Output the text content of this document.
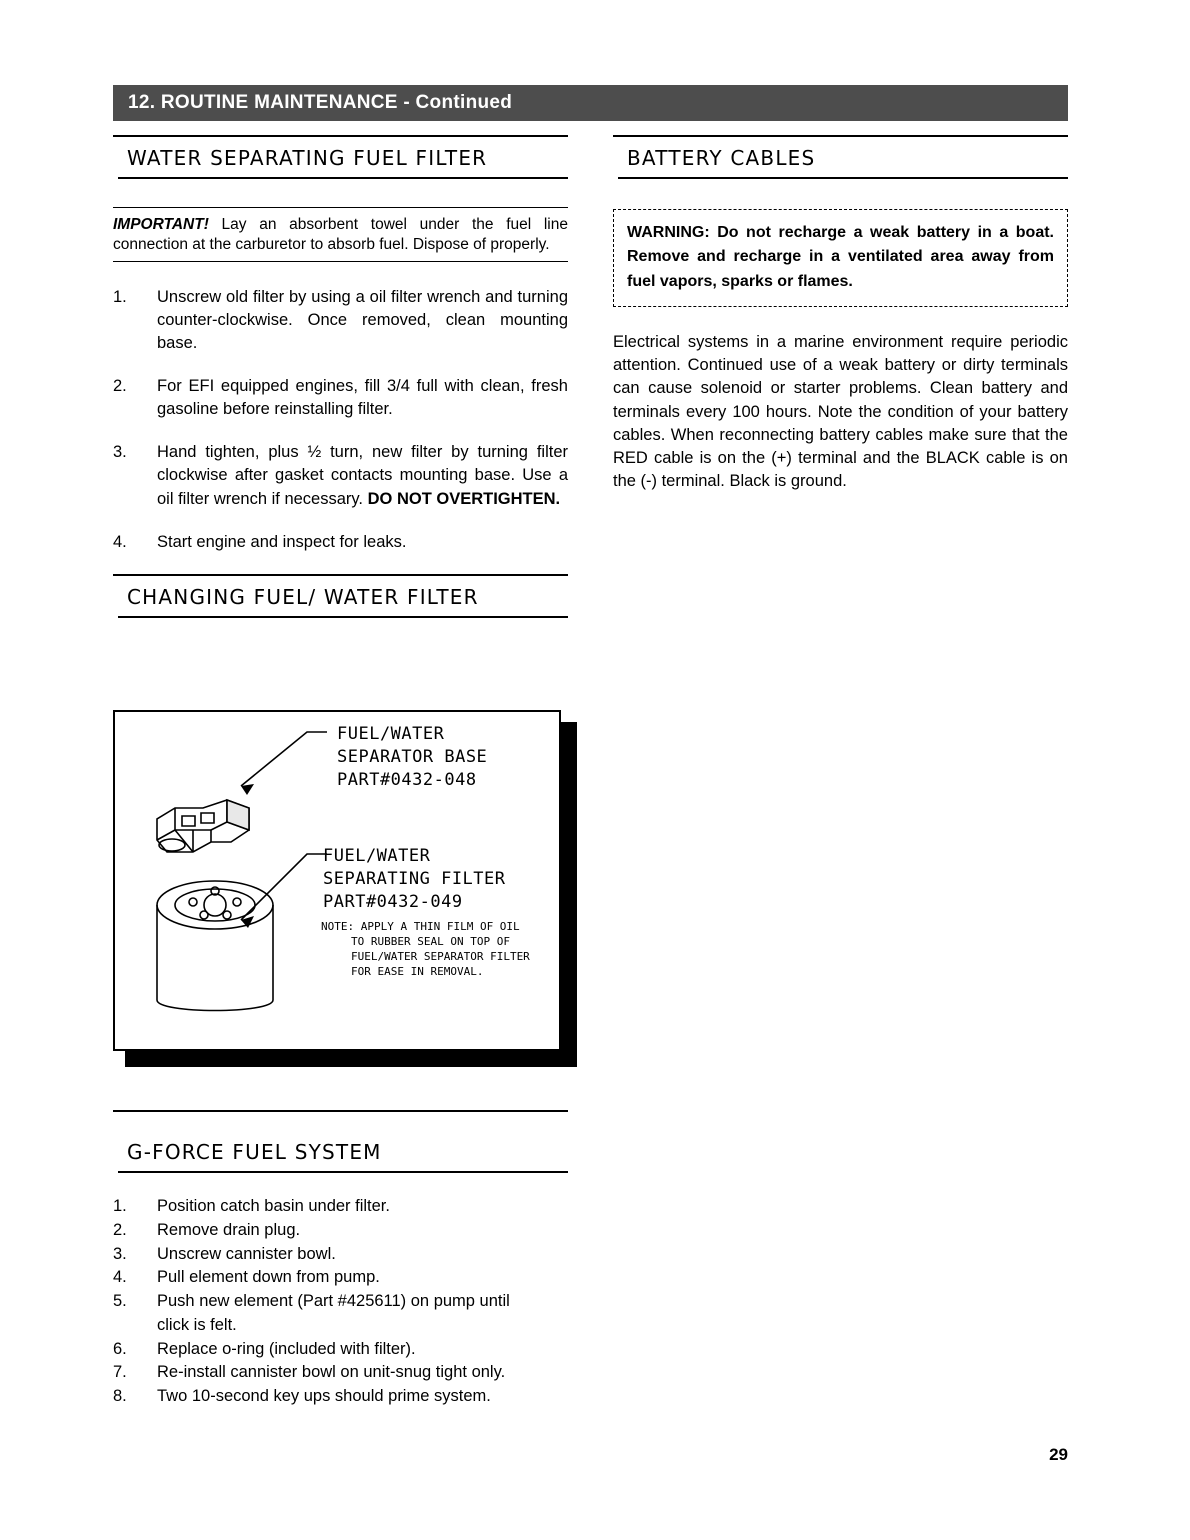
12. ROUTINE MAINTENANCE - Continued
WATER SEPARATING FUEL FILTER
IMPORTANT! Lay an absorbent towel under the fuel line connection at the carburetor to absorb fuel. Dispose of properly.
1.	Unscrew old filter by using a oil filter wrench and turning counter-clockwise. Once removed, clean mounting base.
2.	For EFI equipped engines, fill 3/4 full with clean, fresh gasoline before reinstalling filter.
3.	Hand tighten, plus ½ turn, new filter by turning filter clockwise after gasket contacts mounting base. Use a oil filter wrench if necessary. DO NOT OVERTIGHTEN.
4.	Start engine and inspect for leaks.
CHANGING FUEL/ WATER FILTER
FUEL/WATER
SEPARATOR BASE
PART#0432-048
FUEL/WATER
SEPARATING FILTER
PART#0432-049
NOTE: APPLY A THIN FILM OF OIL
TO RUBBER SEAL ON TOP OF
FUEL/WATER SEPARATOR FILTER
FOR EASE IN REMOVAL.
G-FORCE FUEL SYSTEM
1.	Position catch basin under filter.
2.	Remove drain plug.
3.	Unscrew cannister bowl.
4.	Pull element down from pump.
5.	Push new element (Part #425611) on pump until
click is felt.
6.	Replace o-ring (included with filter).
7.	Re-install cannister bowl on unit-snug tight only.
8.	Two 10-second key ups should prime system.
BATTERY CABLES
WARNING: Do not recharge a weak battery in a boat. Remove and recharge in a ventilated area away from fuel vapors, sparks or flames.
Electrical systems in a marine environment require periodic attention. Continued use of a weak battery or dirty terminals can cause solenoid or starter problems. Clean battery and terminals every 100 hours. Note the condition of your battery cables. When reconnecting battery cables make sure that the RED cable is on the (+) terminal and the BLACK cable is on the (-) terminal. Black is ground.
29
